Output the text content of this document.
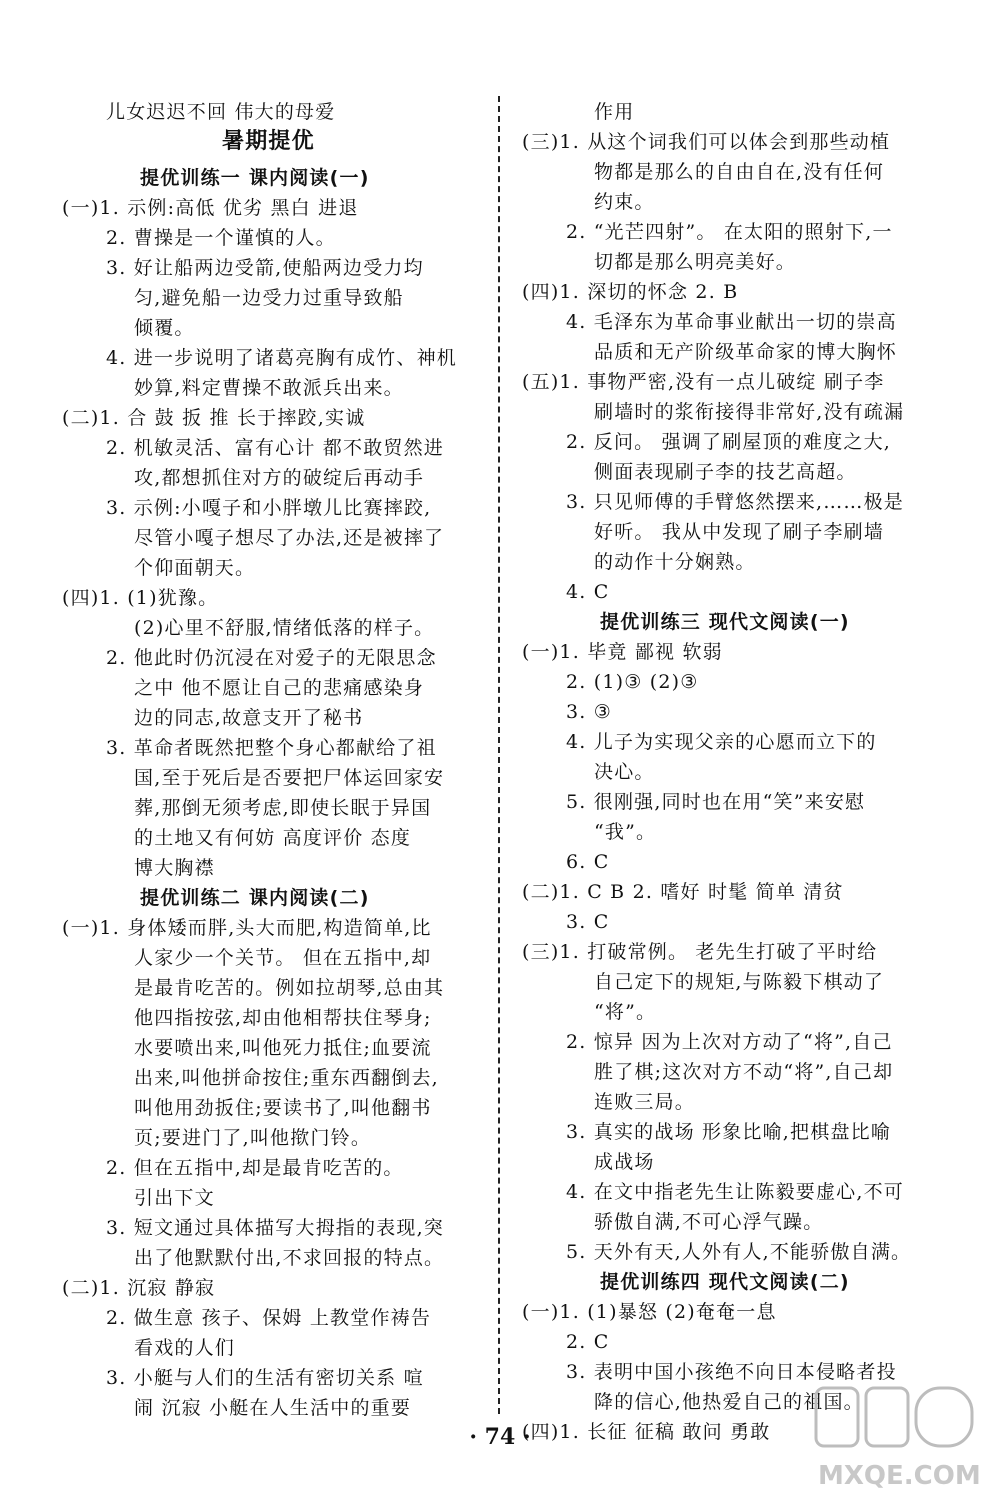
儿女迟迟不回 伟大的母爱
暑期提优
提优训练一 课内阅读(一)
(一)1. 示例:高低 优劣 黑白 进退
2. 曹操是一个谨慎的人。
3. 好让船两边受箭,使船两边受力均
匀,避免船一边受力过重导致船
倾覆。
4. 进一步说明了诸葛亮胸有成竹、神机
妙算,料定曹操不敢派兵出来。
(二)1. 合 鼓 扳 推 长于摔跤,实诚
2. 机敏灵活、富有心计 都不敢贸然进
攻,都想抓住对方的破绽后再动手
3. 示例:小嘎子和小胖墩儿比赛摔跤,
尽管小嘎子想尽了办法,还是被摔了
个仰面朝天。
(四)1. (1)犹豫。
(2)心里不舒服,情绪低落的样子。
2. 他此时仍沉浸在对爱子的无限思念
之中 他不愿让自己的悲痛感染身
边的同志,故意支开了秘书
3. 革命者既然把整个身心都献给了祖
国,至于死后是否要把尸体运回家安
葬,那倒无须考虑,即使长眠于异国
的土地又有何妨 高度评价 态度
博大胸襟
提优训练二 课内阅读(二)
(一)1. 身体矮而胖,头大而肥,构造简单,比
人家少一个关节。 但在五指中,却
是最肯吃苦的。例如拉胡琴,总由其
他四指按弦,却由他相帮扶住琴身;
水要喷出来,叫他死力抵住;血要流
出来,叫他拼命按住;重东西翻倒去,
叫他用劲扳住;要读书了,叫他翻书
页;要进门了,叫他揿门铃。
2. 但在五指中,却是最肯吃苦的。
引出下文
3. 短文通过具体描写大拇指的表现,突
出了他默默付出,不求回报的特点。
(二)1. 沉寂 静寂
2. 做生意 孩子、保姆 上教堂作祷告
看戏的人们
3. 小艇与人们的生活有密切关系 喧
闹 沉寂 小艇在人生活中的重要
作用
(三)1. 从这个词我们可以体会到那些动植
物都是那么的自由自在,没有任何
约束。
2. “光芒四射”。 在太阳的照射下,一
切都是那么明亮美好。
(四)1. 深切的怀念 2. B
4. 毛泽东为革命事业献出一切的崇高
品质和无产阶级革命家的博大胸怀
(五)1. 事物严密,没有一点儿破绽 刷子李
刷墙时的浆衔接得非常好,没有疏漏
2. 反问。 强调了刷屋顶的难度之大,
侧面表现刷子李的技艺高超。
3. 只见师傅的手臂悠然摆来,……极是
好听。 我从中发现了刷子李刷墙
的动作十分娴熟。
4. C
提优训练三 现代文阅读(一)
(一)1. 毕竟 鄙视 软弱
2. (1)③ (2)③
3. ③
4. 儿子为实现父亲的心愿而立下的
决心。
5. 很刚强,同时也在用“笑”来安慰
“我”。
6. C
(二)1. C B 2. 嗜好 时髦 简单 清贫
3. C
(三)1. 打破常例。 老先生打破了平时给
自己定下的规矩,与陈毅下棋动了
“将”。
2. 惊异 因为上次对方动了“将”,自己
胜了棋;这次对方不动“将”,自己却
连败三局。
3. 真实的战场 形象比喻,把棋盘比喻
成战场
4. 在文中指老先生让陈毅要虚心,不可
骄傲自满,不可心浮气躁。
5. 天外有天,人外有人,不能骄傲自满。
提优训练四 现代文阅读(二)
(一)1. (1)暴怒 (2)奄奄一息
2. C
3. 表明中国小孩绝不向日本侵略者投
降的信心,他热爱自己的祖国。
(四)1. 长征 征稿 敢问 勇敢
· 74 ·
MXQE.COM
